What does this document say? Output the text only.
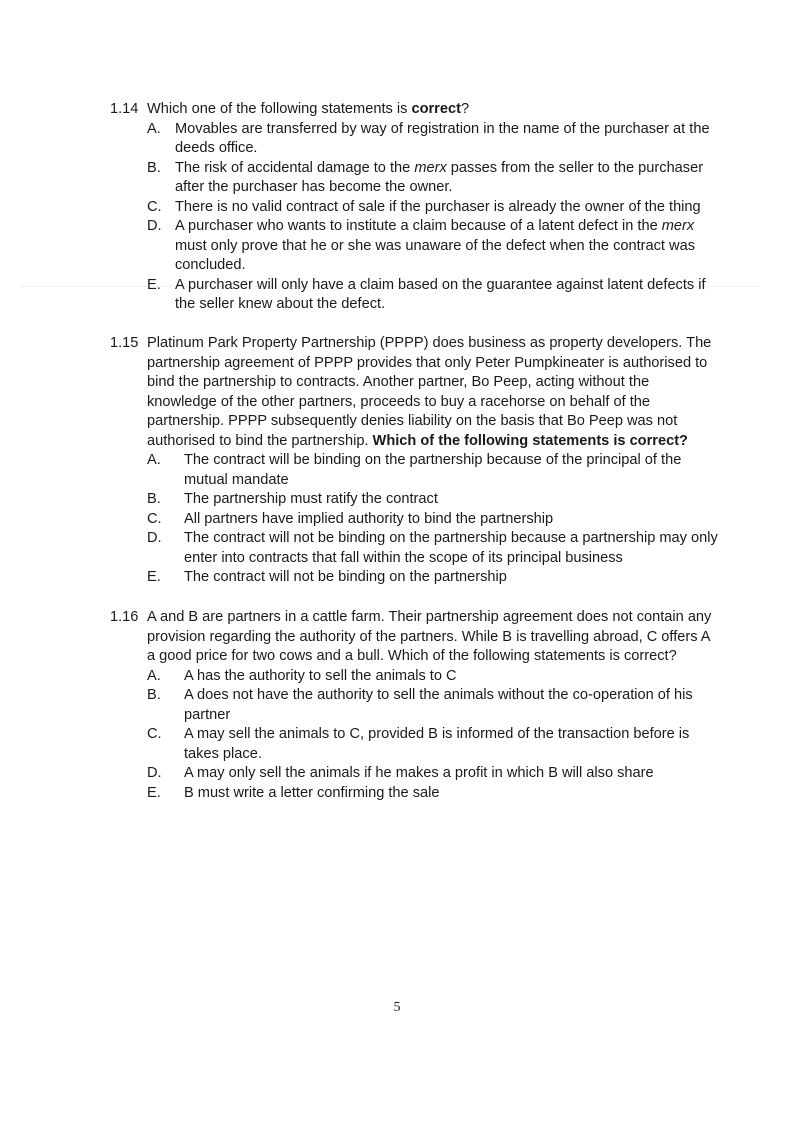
1.14 Which one of the following statements is correct?
A. Movables are transferred by way of registration in the name of the purchaser at the deeds office.
B. The risk of accidental damage to the merx passes from the seller to the purchaser after the purchaser has become the owner.
C. There is no valid contract of sale if the purchaser is already the owner of the thing
D. A purchaser who wants to institute a claim because of a latent defect in the merx must only prove that he or she was unaware of the defect when the contract was concluded.
E. A purchaser will only have a claim based on the guarantee against latent defects if the seller knew about the defect.
1.15 Platinum Park Property Partnership (PPPP) does business as property developers. The partnership agreement of PPPP provides that only Peter Pumpkineater is authorised to bind the partnership to contracts. Another partner, Bo Peep, acting without the knowledge of the other partners, proceeds to buy a racehorse on behalf of the partnership. PPPP subsequently denies liability on the basis that Bo Peep was not authorised to bind the partnership. Which of the following statements is correct?
A.	The contract will be binding on the partnership because of the principal of the mutual mandate
B.	The partnership must ratify the contract
C.	All partners have implied authority to bind the partnership
D.	The contract will not be binding on the partnership because a partnership may only enter into contracts that fall within the scope of its principal business
E.	The contract will not be binding on the partnership
1.16 A and B are partners in a cattle farm. Their partnership agreement does not contain any provision regarding the authority of the partners. While B is travelling abroad, C offers A a good price for two cows and a bull. Which of the following statements is correct?
A.	A has the authority to sell the animals to C
B.	A does not have the authority to sell the animals without the co-operation of his partner
C.	A may sell the animals to C, provided B is informed of the transaction before is takes place.
D.	A may only sell the animals if he makes a profit in which B will also share
E.	B must write a letter confirming the sale
5
